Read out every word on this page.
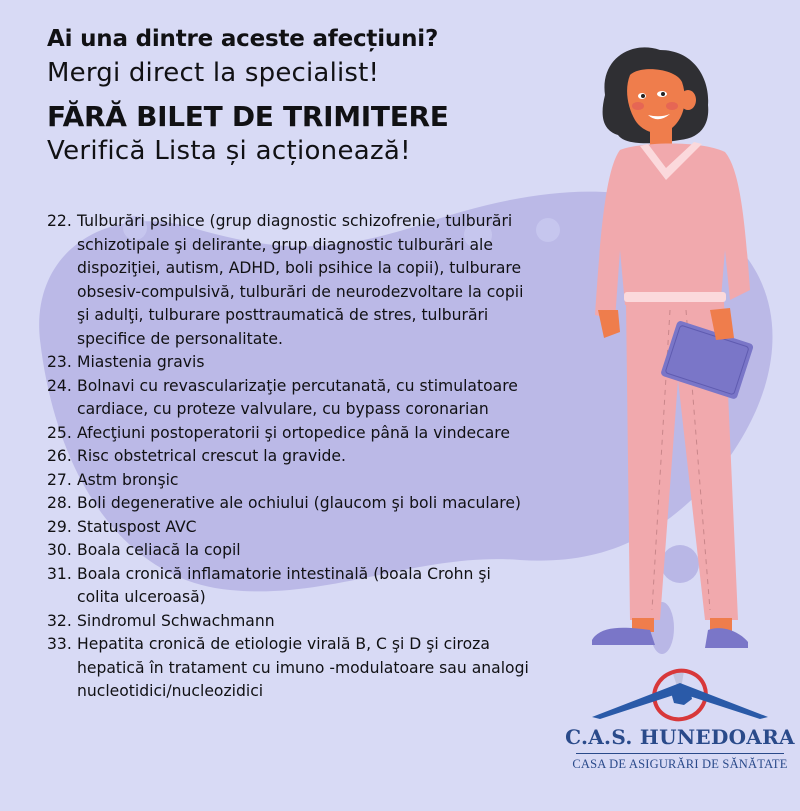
Ai una dintre aceste afecțiuni?

Mergi direct la specialist!

FĂRĂ BILET DE TRIMITERE

Verifică Lista și acționează!

22. Tulburări psihice (grup diagnostic schizofrenie, tulburări schizotipale şi delirante, grup diagnostic tulburări ale dispoziţiei, autism, ADHD, boli psihice la copii), tulburare obsesiv-compulsivă, tulburări de neurodezvoltare la copii şi adulţi, tulburare posttraumatică de stres, tulburări specifice de personalitate.
23. Miastenia gravis
24. Bolnavi cu revascularizaţie percutanată, cu stimulatoare cardiace, cu proteze valvulare, cu bypass coronarian
25. Afecţiuni postoperatorii şi ortopedice până la vindecare
26. Risc obstetrical crescut la gravide.
27. Astm bronşic
28. Boli degenerative ale ochiului (glaucom şi boli maculare)
29. Statuspost AVC
30. Boala celiacă la copil
31. Boala cronică inflamatorie intestinală (boala Crohn şi colita ulceroasă)
32. Sindromul Schwachmann
33. Hepatita cronică de etiologie virală B, C şi D şi ciroza hepatică în tratament cu imuno -modulatoare sau analogi nucleotidici/nucleozidici
C.A.S. HUNEDOARA
CASA DE ASIGURĂRI DE SĂNĂTATE
